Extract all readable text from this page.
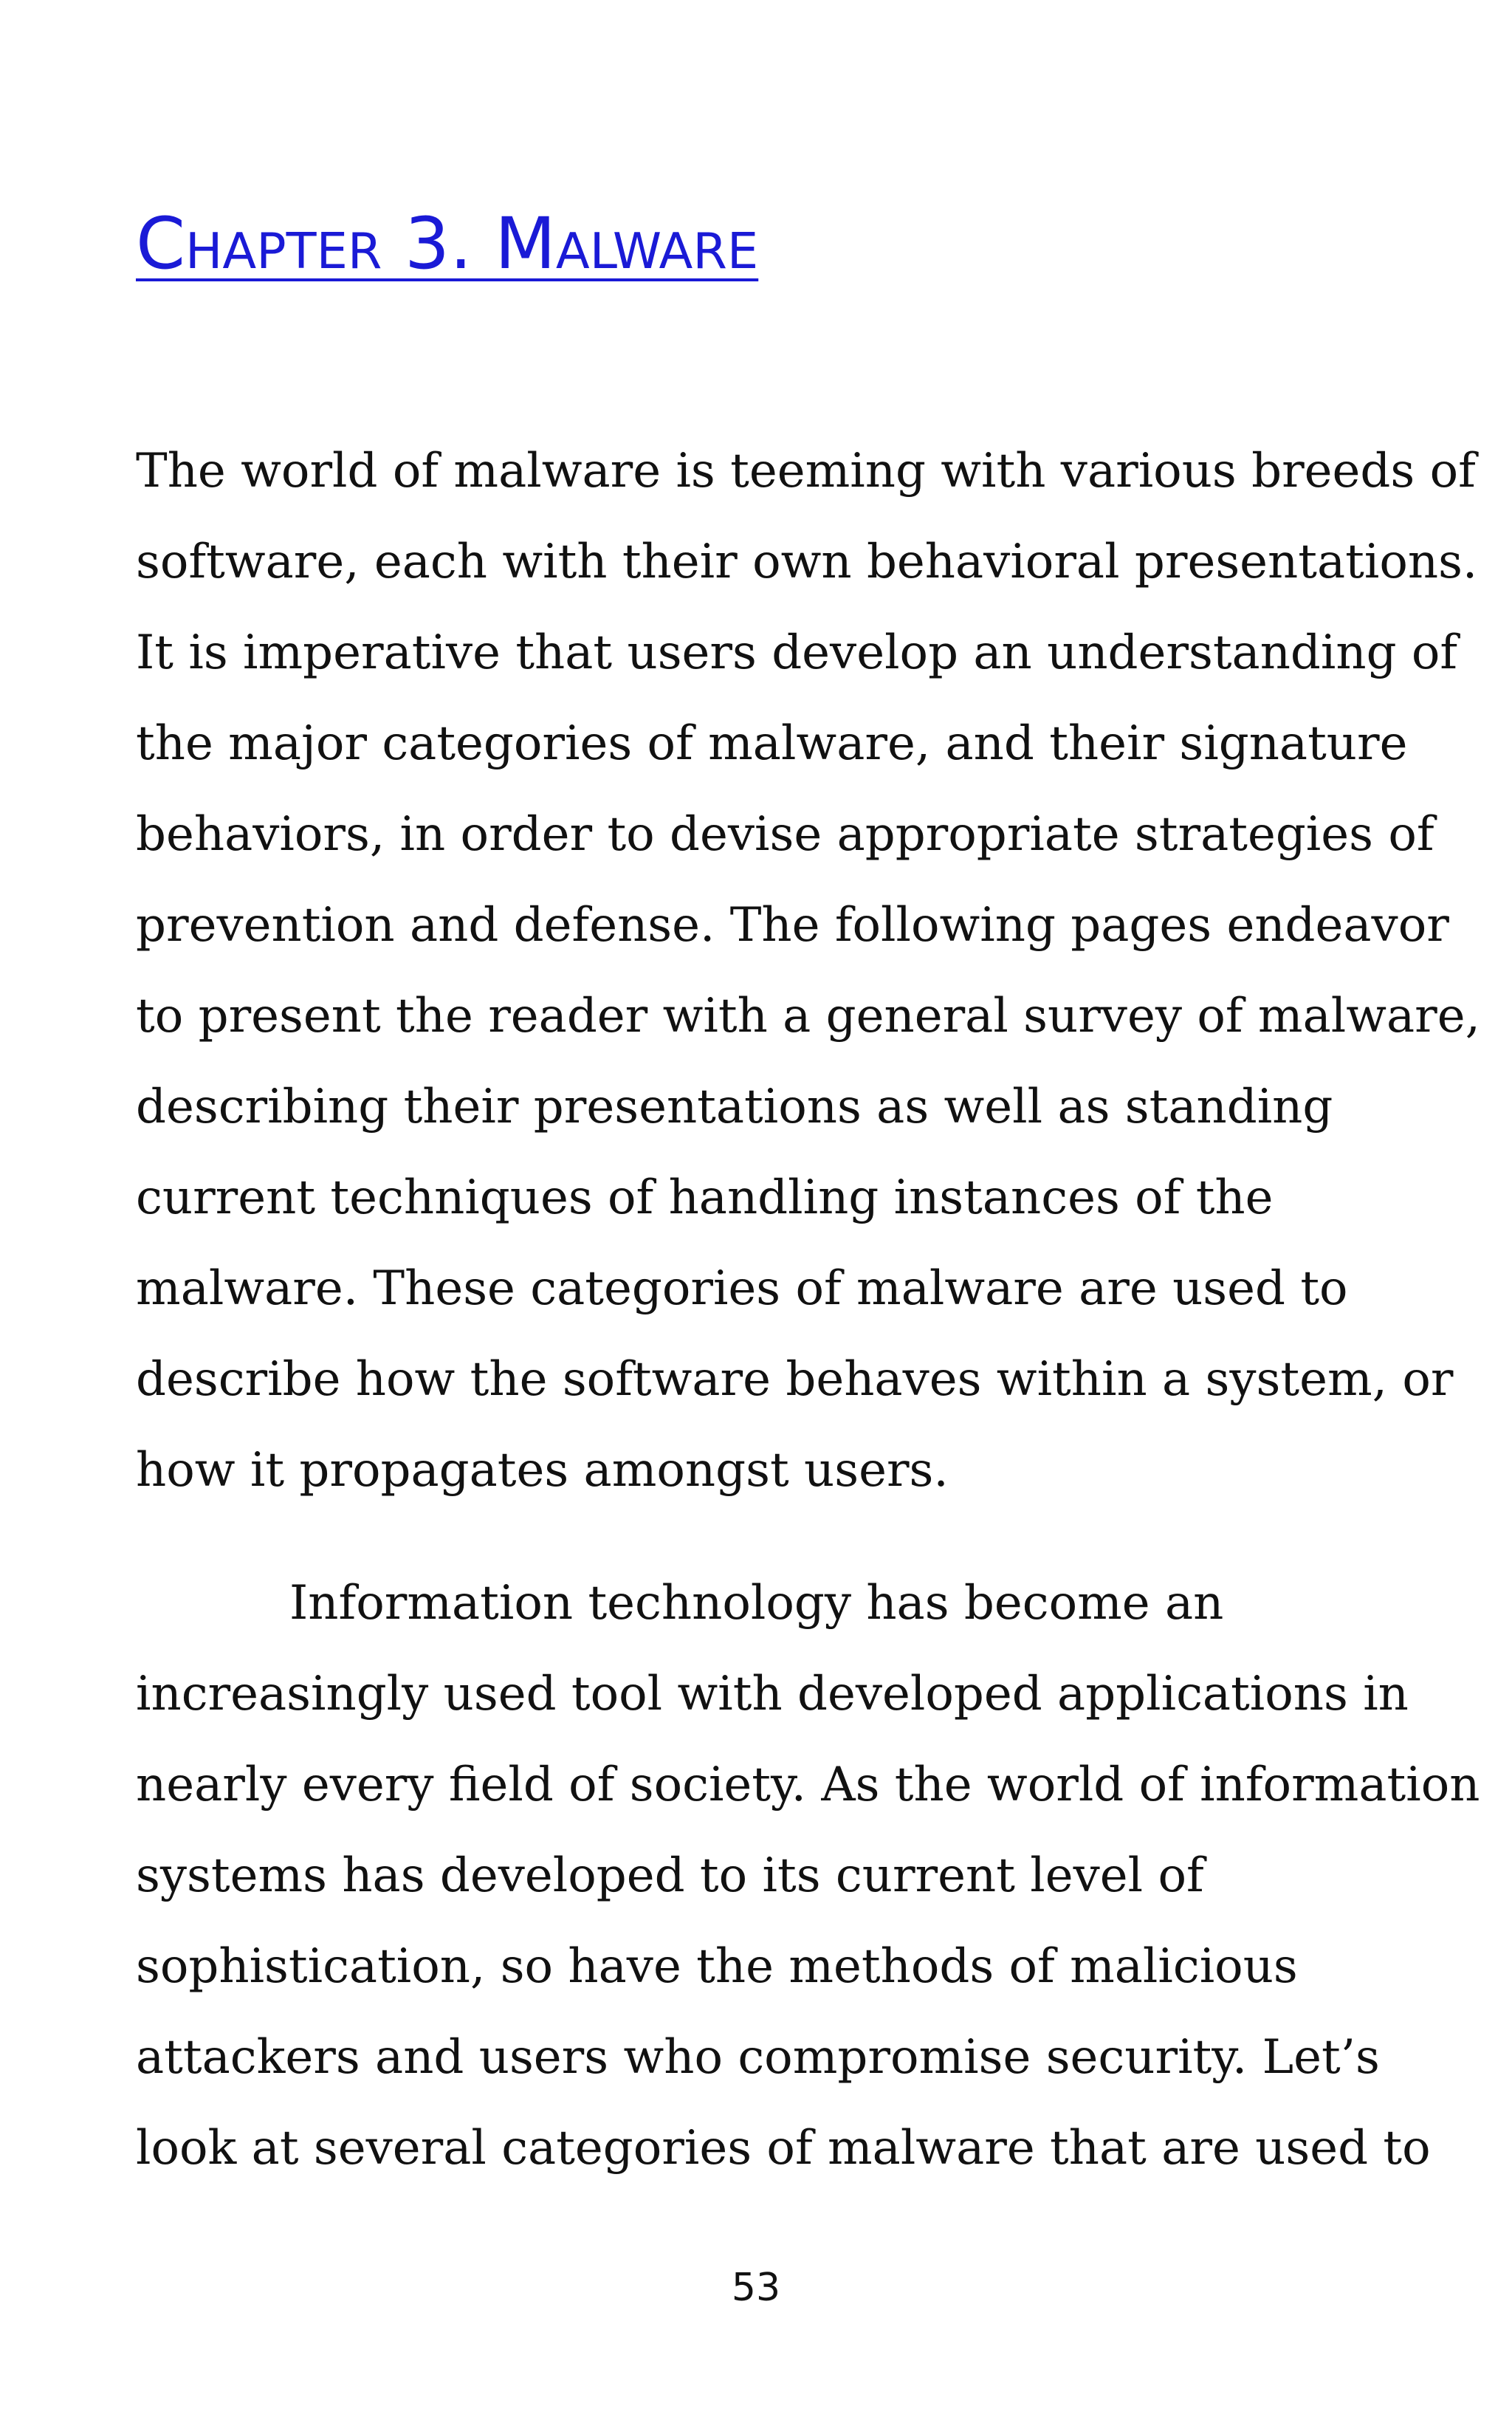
Chapter 3. Malware

The world of malware is teeming with various breeds of
software, each with their own behavioral presentations.
It is imperative that users develop an understanding of
the major categories of malware, and their signature
behaviors, in order to devise appropriate strategies of
prevention and defense. The following pages endeavor
to present the reader with a general survey of malware,
describing their presentations as well as standing
current techniques of handling instances of the
malware. These categories of malware are used to
describe how the software behaves within a system, or
how it propagates amongst users.

Information technology has become an
increasingly used tool with developed applications in
nearly every field of society. As the world of information
systems has developed to its current level of
sophistication, so have the methods of malicious
attackers and users who compromise security. Let’s
look at several categories of malware that are used to

53
